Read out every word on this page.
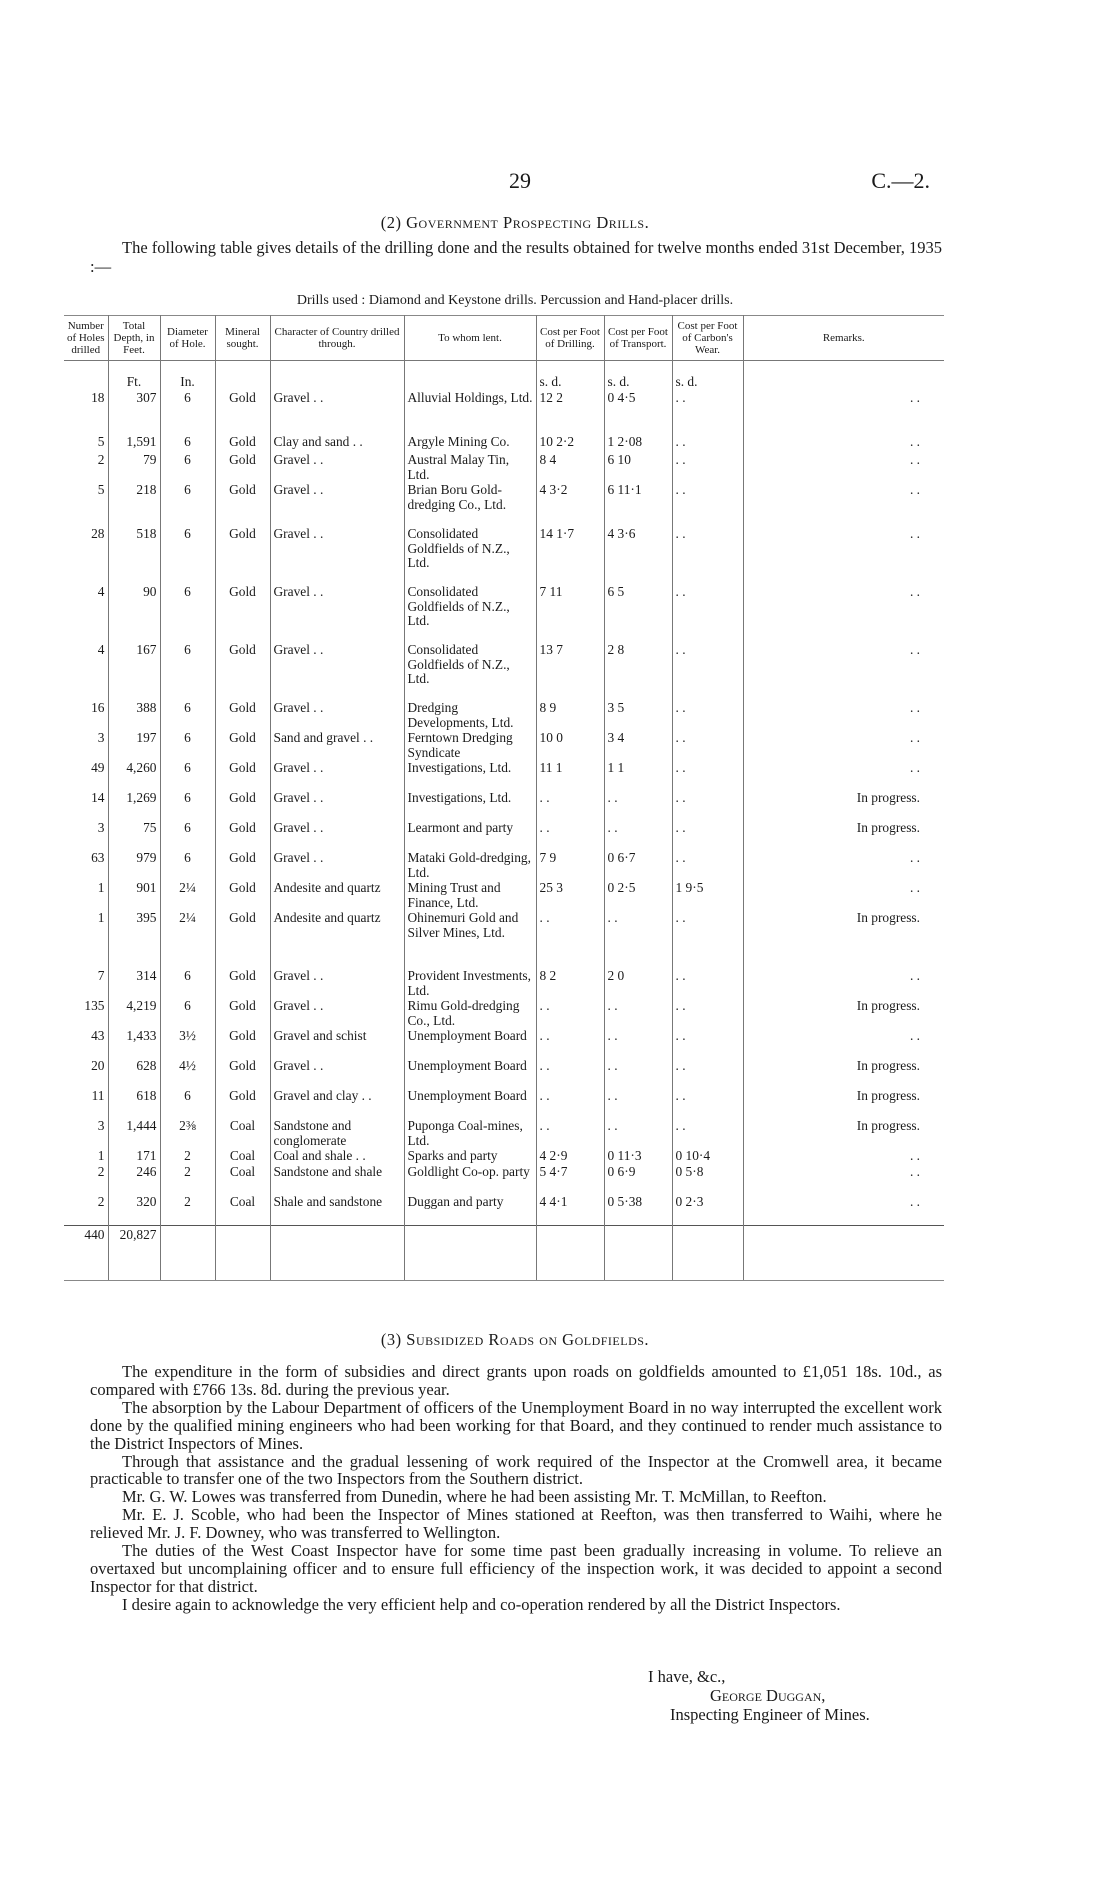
29	C.—2.
(2) Government Prospecting Drills.
The following table gives details of the drilling done and the results obtained for twelve months ended 31st December, 1935 :—
Drills used : Diamond and Keystone drills. Percussion and Hand-placer drills.
Number of Holes drilled	Total Depth, in Feet.	Diameter of Hole.	Mineral sought.	Character of Country drilled through.	To whom lent.	Cost per Foot of Drilling.	Cost per Foot of Transport.	Cost per Foot of Carbon's Wear.	Remarks.
	Ft.	In.				s. d.	s. d.	s. d.	
18	307	6	Gold	Gravel . .	Alluvial Holdings, Ltd.	12 2	0 4·5	. .	. .
5	1,591	6	Gold	Clay and sand . .	Argyle Mining Co.	10 2·2	1 2·08	. .	. .
2	79	6	Gold	Gravel . .	Austral Malay Tin, Ltd.	8 4	6 10	. .	. .
5	218	6	Gold	Gravel . .	Brian Boru Gold-dredging Co., Ltd.	4 3·2	6 11·1	. .	. .
28	518	6	Gold	Gravel . .	Consolidated Goldfields of N.Z., Ltd.	14 1·7	4 3·6	. .	. .
4	90	6	Gold	Gravel . .	Consolidated Goldfields of N.Z., Ltd.	7 11	6 5	. .	. .
4	167	6	Gold	Gravel . .	Consolidated Goldfields of N.Z., Ltd.	13 7	2 8	. .	. .
16	388	6	Gold	Gravel . .	Dredging Developments, Ltd.	8 9	3 5	. .	. .
3	197	6	Gold	Sand and gravel . .	Ferntown Dredging Syndicate	10 0	3 4	. .	. .
49	4,260	6	Gold	Gravel . .	Investigations, Ltd.	11 1	1 1	. .	. .
14	1,269	6	Gold	Gravel . .	Investigations, Ltd.	. .	. .	. .	In progress.
3	75	6	Gold	Gravel . .	Learmont and party	. .	. .	. .	In progress.
63	979	6	Gold	Gravel . .	Mataki Gold-dredging, Ltd.	7 9	0 6·7	. .	. .
1	901	2¼	Gold	Andesite and quartz	Mining Trust and Finance, Ltd.	25 3	0 2·5	1 9·5	. .
1	395	2¼	Gold	Andesite and quartz	Ohinemuri Gold and Silver Mines, Ltd.	. .	. .	. .	In progress.
7	314	6	Gold	Gravel . .	Provident Investments, Ltd.	8 2	2 0	. .	. .
135	4,219	6	Gold	Gravel . .	Rimu Gold-dredging Co., Ltd.	. .	. .	. .	In progress.
43	1,433	3½	Gold	Gravel and schist	Unemployment Board	. .	. .	. .	. .
20	628	4½	Gold	Gravel . .	Unemployment Board	. .	. .	. .	In progress.
11	618	6	Gold	Gravel and clay . .	Unemployment Board	. .	. .	. .	In progress.
3	1,444	2⅜	Coal	Sandstone and conglomerate	Puponga Coal-mines, Ltd.	. .	. .	. .	In progress.
1	171	2	Coal	Coal and shale . .	Sparks and party	4 2·9	0 11·3	0 10·4	. .
2	246	2	Coal	Sandstone and shale	Goldlight Co-op. party	5 4·7	0 6·9	0 5·8	. .
2	320	2	Coal	Shale and sandstone	Duggan and party	4 4·1	0 5·38	0 2·3	. .
440	20,827								

(3) Subsidized Roads on Goldfields.

The expenditure in the form of subsidies and direct grants upon roads on goldfields amounted to £1,051 18s. 10d., as compared with £766 13s. 8d. during the previous year.

The absorption by the Labour Department of officers of the Unemployment Board in no way interrupted the excellent work done by the qualified mining engineers who had been working for that Board, and they continued to render much assistance to the District Inspectors of Mines.

Through that assistance and the gradual lessening of work required of the Inspector at the Cromwell area, it became practicable to transfer one of the two Inspectors from the Southern district.

Mr. G. W. Lowes was transferred from Dunedin, where he had been assisting Mr. T. McMillan, to Reefton.

Mr. E. J. Scoble, who had been the Inspector of Mines stationed at Reefton, was then transferred to Waihi, where he relieved Mr. J. F. Downey, who was transferred to Wellington.

The duties of the West Coast Inspector have for some time past been gradually increasing in volume. To relieve an overtaxed but uncomplaining officer and to ensure full efficiency of the inspection work, it was decided to appoint a second Inspector for that district.

I desire again to acknowledge the very efficient help and co-operation rendered by all the District Inspectors.

I have, &c.,
George Duggan,
Inspecting Engineer of Mines.
